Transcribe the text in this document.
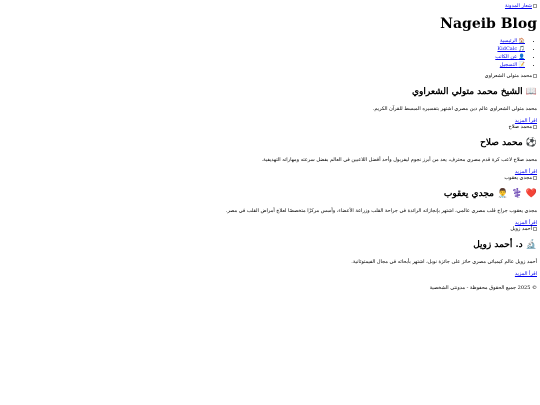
شعار المدونة
Nageib Blog
• 🏠 الرئيسية
• 🎵 KidCalc
• 👤 عن الكاتب
• 📝 التسجيل
محمد متولي الشعراوي
📖 الشيخ محمد متولي الشعراوي

محمد متولي الشعراوي عالم دين مصري اشتهر بتفسيره المبسط للقرآن الكريم.

اقرأ المزيد
محمد صلاح
⚽ محمد صلاح

محمد صلاح لاعب كرة قدم مصري محترف، يعد من أبرز نجوم ليفربول وأحد أفضل اللاعبين في العالم بفضل سرعته ومهاراته التهديفية.

اقرأ المزيد
مجدي يعقوب
❤️ ⚕️ 👨‍⚕️ مجدي يعقوب

مجدي يعقوب جراح قلب مصري عالمي، اشتهر بإنجازاته الرائدة في جراحة القلب وزراعة الأعضاء، وأسس مركزًا متخصصًا لعلاج أمراض القلب في مصر.

اقرأ المزيد
أحمد زويل
🔬 د. أحمد زويل

أحمد زويل عالم كيميائي مصري حائز على جائزة نوبل، اشتهر بأبحاثه في مجال الفيمتوثانية.

اقرأ المزيد
© 2025 جميع الحقوق محفوظة - مدونتي الشخصية
